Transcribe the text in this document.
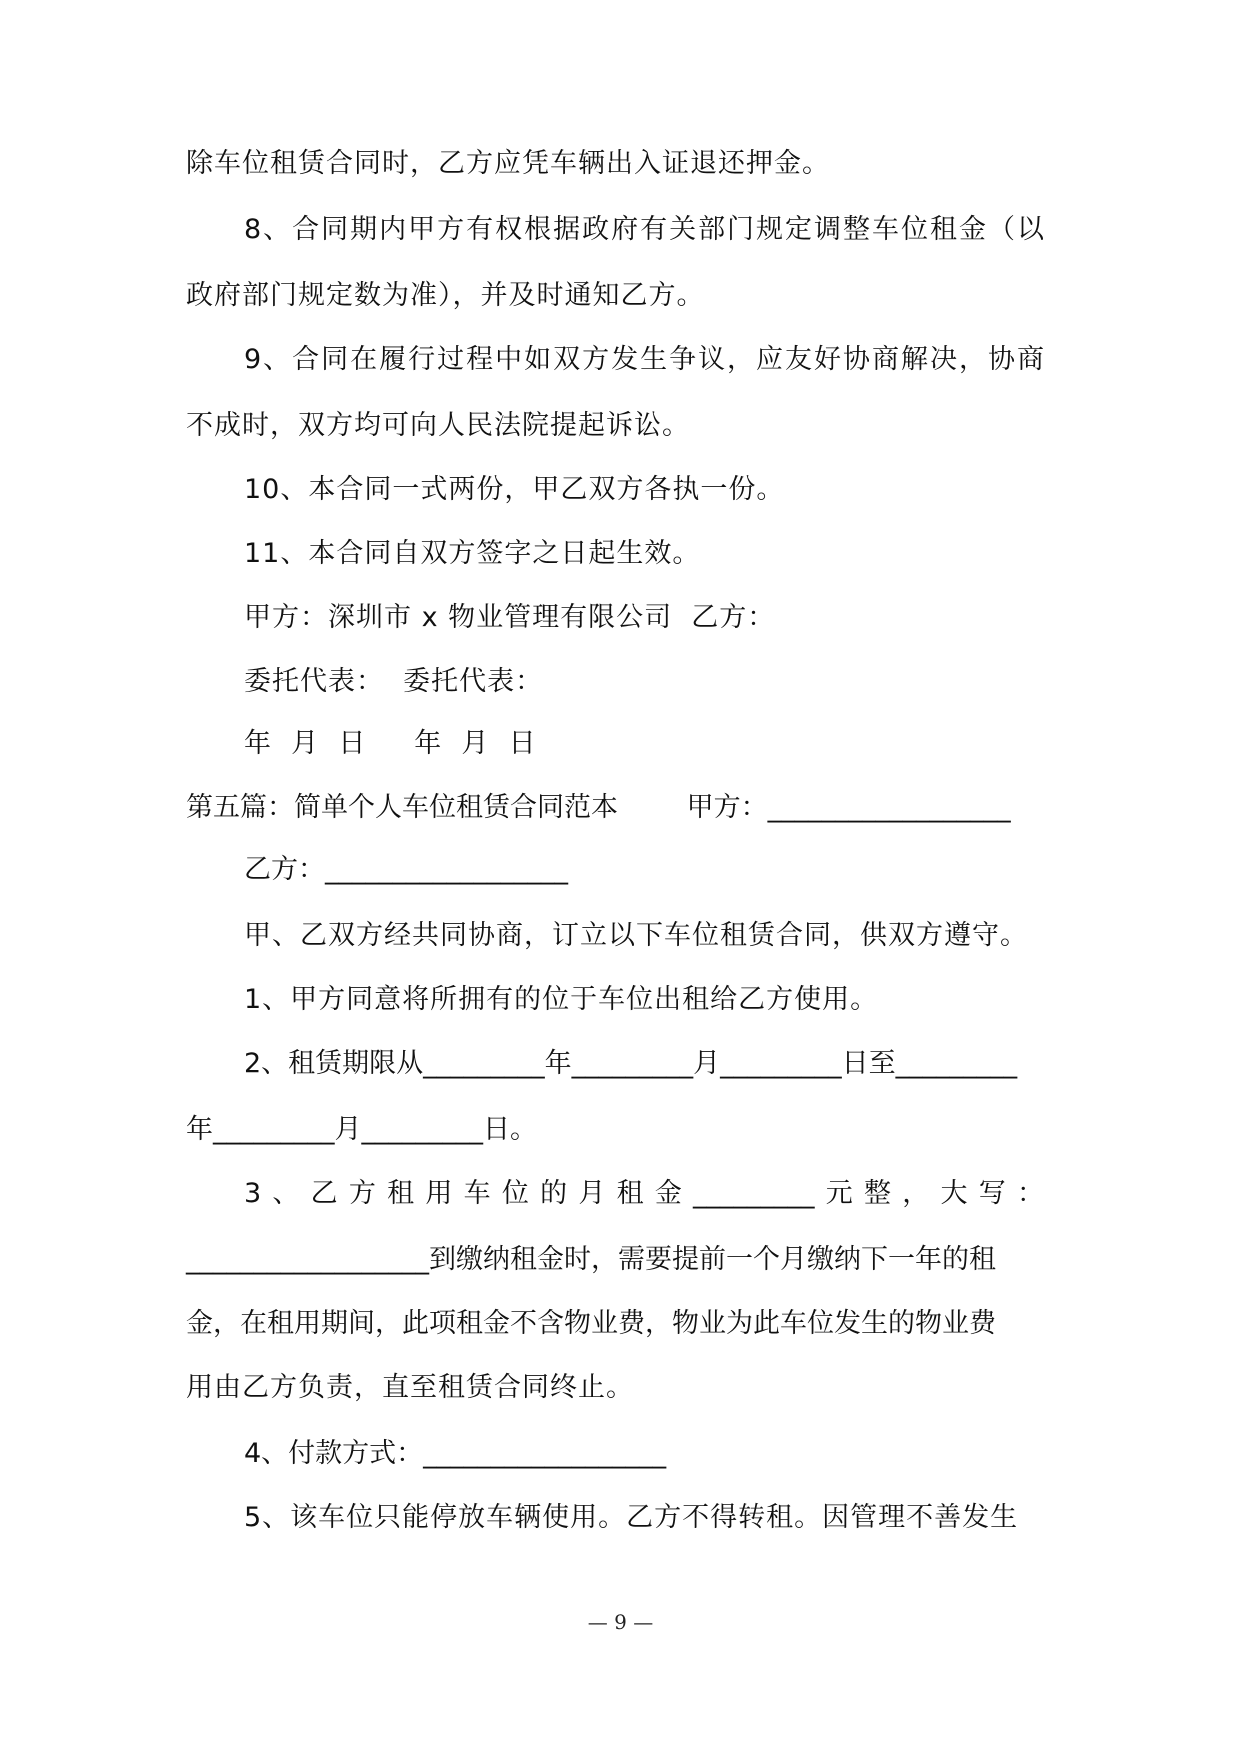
除车位租赁合同时，乙方应凭车辆出入证退还押金。
8、合同期内甲方有权根据政府有关部门规定调整车位租金（以
政府部门规定数为准），并及时通知乙方。
9、合同在履行过程中如双方发生争议，应友好协商解决，协商
不成时，双方均可向人民法院提起诉讼。
10、本合同一式两份，甲乙双方各执一份。
11、本合同自双方签字之日起生效。
甲方：深圳市 x 物业管理有限公司  乙方：
委托代表：  委托代表：
年  月  日     年  月  日
第五篇：简单个人车位租赁合同范本        甲方：__________________
乙方：__________________
甲、乙双方经共同协商，订立以下车位租赁合同，供双方遵守。
1、甲方同意将所拥有的位于车位出租给乙方使用。
2、租赁期限从_________年_________月_________日至_________
年_________月_________日。
3、乙方租用车位的月租金_________元整，大写：
__________________到缴纳租金时，需要提前一个月缴纳下一年的租
金，在租用期间，此项租金不含物业费，物业为此车位发生的物业费
用由乙方负责，直至租赁合同终止。
4、付款方式：__________________
5、该车位只能停放车辆使用。乙方不得转租。因管理不善发生
— 9 —
